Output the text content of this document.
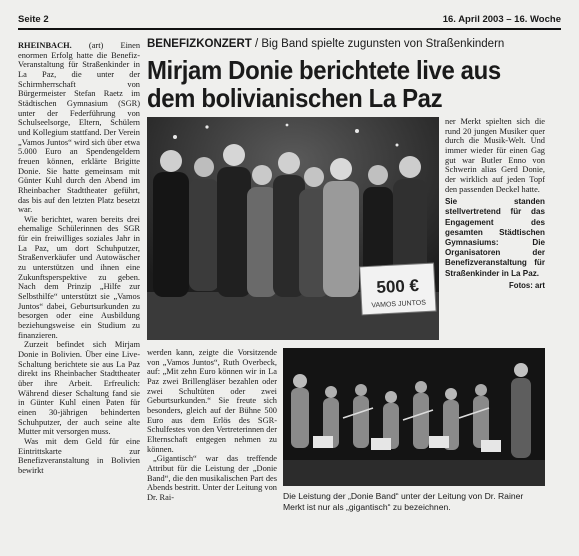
Seite 2	16. April 2003 – 16. Woche
BENEFIZKONZERT / Big Band spielte zugunsten von Straßenkindern
Mirjam Donie berichtete live aus dem bolivianischen La Paz

RHEINBACH. (art) Einen enormen Erfolg hatte die Benefiz-Veranstaltung für Straßenkinder in La Paz, die unter der Schirmherrschaft von Bürgermeister Stefan Raetz im Städtischen Gymnasium (SGR) unter der Federführung von Schulseelsorge, Eltern, Schülern und Kollegium stattfand. Der Verein „Vamos Juntos“ wird sich über etwa 5.000 Euro an Spendengeldern freuen können, erklärte Brigitte Donie. Sie hatte gemeinsam mit Günter Kuhl durch den Abend im Rheinbacher Stadttheater geführt, das bis auf den letzten Platz besetzt war.

Wie berichtet, waren bereits drei ehemalige Schülerinnen des SGR für ein freiwilliges soziales Jahr in La Paz, um dort Schuhputzer, Straßenverkäufer und Autowäscher zu unterstützen und ihnen eine Zukunftsperspektive zu geben. Nach dem Prinzip „Hilfe zur Selbsthilfe“ unterstützt sie „Vamos Juntos“ dabei, Geburtsurkunden zu besorgen oder eine Ausbildung beziehungsweise ein Studium zu finanzieren.

Zurzeit befindet sich Mirjam Donie in Bolivien. Über eine Live-Schaltung berichtete sie aus La Paz direkt ins Rheinbacher Stadttheater über ihre Arbeit. Erfreulich: Während dieser Schaltung fand sie in Günter Kuhl einen Paten für einen 30-jährigen behinderten Schuhputzer, der auch seine alte Mutter mit versorgen muss.

Was mit dem Geld für eine Eintrittskarte zur Benefizveranstaltung in Bolivien bewirkt

500 €
VAMOS JUNTOS

ner Merkt spielten sich die rund 20 jungen Musiker quer durch die Musik-Welt. Und immer wieder für einen Gag gut war Butler Enno von Schwerin alias Gerd Donie, der wirklich auf jeden Topf den passenden Deckel hatte.

Sie standen stellvertretend für das Engagement des gesamten Städtischen Gymnasiums: Die Organisatoren der Benefizveranstaltung für Straßenkinder in La Paz.

Fotos: art

werden kann, zeigte die Vorsitzende von „Vamos Juntos“, Ruth Overbeck, auf: „Mit zehn Euro können wir in La Paz zwei Brillengläser bezahlen oder zwei Schultüten oder zwei Geburtsurkunden.“ Sie freute sich besonders, gleich auf der Bühne 500 Euro aus dem Erlös des SGR-Schulfestes von den Vertreterinnen der Elternschaft entgegen nehmen zu können.

„Gigantisch“ war das treffende Attribut für die Leistung der „Donie Band“, die den musikalischen Part des Abends bestritt. Unter der Leitung von Dr. Rai-	Die Leistung der „Donie Band“ unter der Leitung von Dr. Rainer Merkt ist nur als „gigantisch“ zu bezeichnen.
